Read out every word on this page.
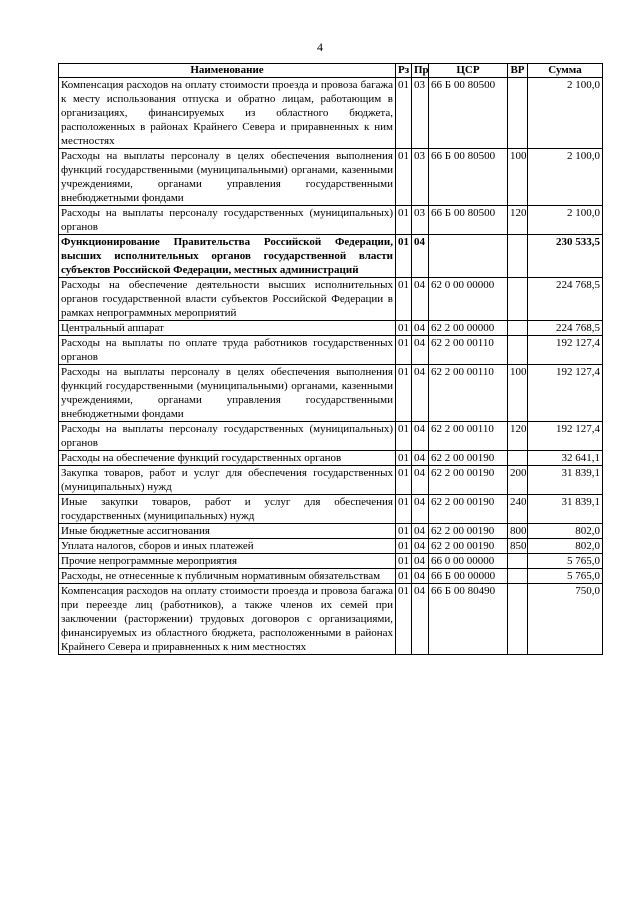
4
Наименование	Рз	Пр	ЦСР	ВР	Сумма
Компенсация расходов на оплату стоимости проезда и провоза багажа к месту использования отпуска и обратно лицам, работающим в организациях, финансируемых из областного бюджета, расположенных в районах Крайнего Севера и приравненных к ним местностях	01	03	66 Б 00 80500		2 100,0
Расходы на выплаты персоналу в целях обеспечения выполнения функций государственными (муниципальными) органами, казенными учреждениями, органами управления государственными внебюджетными фондами	01	03	66 Б 00 80500	100	2 100,0
Расходы на выплаты персоналу государственных (муниципальных) органов	01	03	66 Б 00 80500	120	2 100,0
Функционирование Правительства Российской Федерации, высших исполнительных органов государственной власти субъектов Российской Федерации, местных администраций	01	04			230 533,5
Расходы на обеспечение деятельности высших исполнительных органов государственной власти субъектов Российской Федерации в рамках непрограммных мероприятий	01	04	62 0 00 00000		224 768,5
Центральный аппарат	01	04	62 2 00 00000		224 768,5
Расходы на выплаты по оплате труда работников государственных органов	01	04	62 2 00 00110		192 127,4
Расходы на выплаты персоналу в целях обеспечения выполнения функций государственными (муниципальными) органами, казенными учреждениями, органами управления государственными внебюджетными фондами	01	04	62 2 00 00110	100	192 127,4
Расходы на выплаты персоналу государственных (муниципальных) органов	01	04	62 2 00 00110	120	192 127,4
Расходы на обеспечение функций государственных органов	01	04	62 2 00 00190		32 641,1
Закупка товаров, работ и услуг для обеспечения государственных (муниципальных) нужд	01	04	62 2 00 00190	200	31 839,1
Иные закупки товаров, работ и услуг для обеспечения государственных (муниципальных) нужд	01	04	62 2 00 00190	240	31 839,1
Иные бюджетные ассигнования	01	04	62 2 00 00190	800	802,0
Уплата налогов, сборов и иных платежей	01	04	62 2 00 00190	850	802,0
Прочие непрограммные мероприятия	01	04	66 0 00 00000		5 765,0
Расходы, не отнесенные к публичным нормативным обязательствам	01	04	66 Б 00 00000		5 765,0
Компенсация расходов на оплату стоимости проезда и провоза багажа при переезде лиц (работников), а также членов их семей при заключении (расторжении) трудовых договоров с организациями, финансируемых из областного бюджета, расположенными в районах Крайнего Севера и приравненных к ним местностях	01	04	66 Б 00 80490		750,0
